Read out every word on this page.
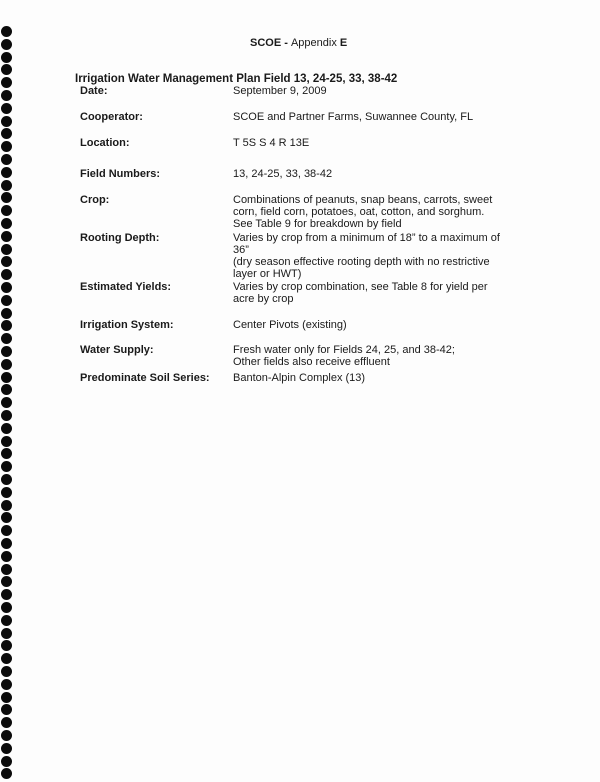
SCOE - Appendix E
Irrigation Water Management Plan Field 13, 24-25, 33, 38-42
Date:	September 9, 2009
Cooperator:	SCOE and Partner Farms, Suwannee County, FL
Location:	T 5S S 4 R 13E
Field Numbers:	13, 24-25, 33, 38-42
Crop:	Combinations of peanuts, snap beans, carrots, sweet
corn, field corn, potatoes, oat, cotton, and sorghum.
See Table 9 for breakdown by field
Rooting Depth:	Varies by crop from a minimum of 18” to a maximum of
36”
(dry season effective rooting depth with no restrictive
layer or HWT)
Estimated Yields:	Varies by crop combination, see Table 8 for yield per
acre by crop
Irrigation System:	Center Pivots (existing)
Water Supply:	Fresh water only for Fields 24, 25, and 38-42;
Other fields also receive effluent
Predominate Soil Series: Banton-Alpin Complex (13)
